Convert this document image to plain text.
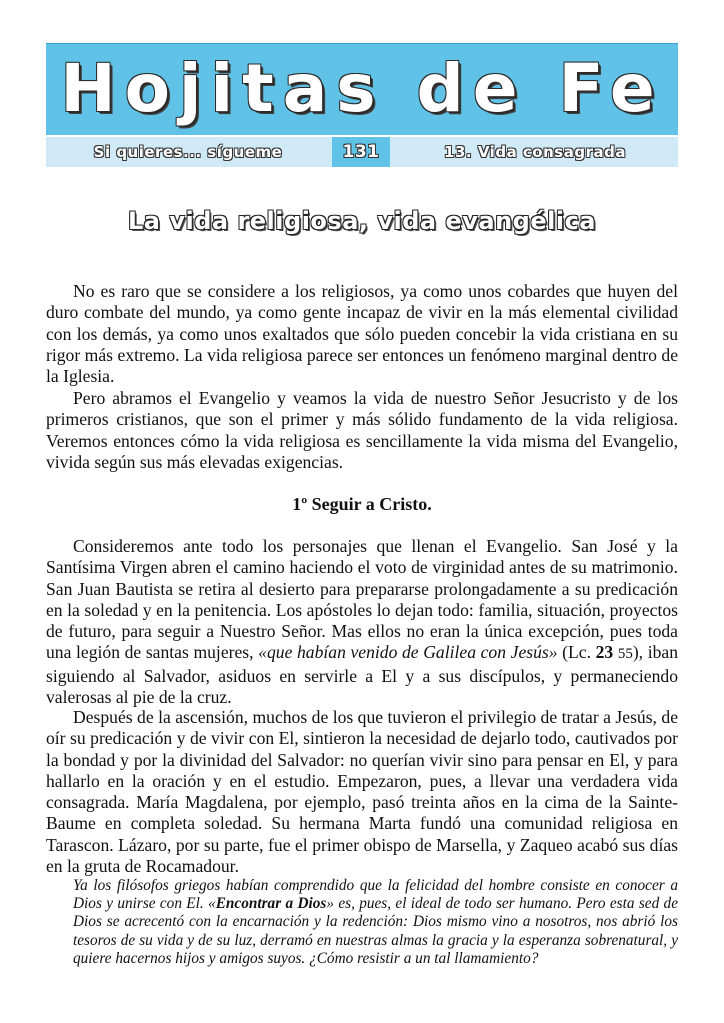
Hojitas de Fe
Si quieres... sígueme	131	13. Vida consagrada
La vida religiosa, vida evangélica

No es raro que se considere a los religiosos, ya como unos cobardes que huyen del duro combate del mundo, ya como gente incapaz de vivir en la más elemental civilidad con los demás, ya como unos exaltados que sólo pueden concebir la vida cristiana en su rigor más extremo. La vida religiosa parece ser entonces un fenómeno marginal dentro de la Iglesia.

Pero abramos el Evangelio y veamos la vida de nuestro Señor Jesucristo y de los primeros cristianos, que son el primer y más sólido fundamento de la vida religiosa. Veremos entonces cómo la vida religiosa es sencillamente la vida misma del Evangelio, vivida según sus más elevadas exigencias.

1º Seguir a Cristo.

Consideremos ante todo los personajes que llenan el Evangelio. San José y la Santísima Virgen abren el camino haciendo el voto de virginidad antes de su matrimonio. San Juan Bautista se retira al desierto para prepararse prolongadamente a su predicación en la soledad y en la penitencia. Los apóstoles lo dejan todo: familia, situación, proyectos de futuro, para seguir a Nuestro Señor. Mas ellos no eran la única excepción, pues toda una legión de santas mujeres, «que habían venido de Galilea con Jesús» (Lc. 23 55), iban siguiendo al Salvador, asiduos en servirle a El y a sus discípulos, y permaneciendo valerosas al pie de la cruz.

Después de la ascensión, muchos de los que tuvieron el privilegio de tratar a Jesús, de oír su predicación y de vivir con El, sintieron la necesidad de dejarlo todo, cautivados por la bondad y por la divinidad del Salvador: no querían vivir sino para pensar en El, y para hallarlo en la oración y en el estudio. Empezaron, pues, a llevar una verdadera vida consagrada. María Magdalena, por ejemplo, pasó treinta años en la cima de la Sainte-Baume en completa soledad. Su hermana Marta fundó una comunidad religiosa en Tarascon. Lázaro, por su parte, fue el primer obispo de Marsella, y Zaqueo acabó sus días en la gruta de Rocamadour.

Ya los filósofos griegos habían comprendido que la felicidad del hombre consiste en conocer a Dios y unirse con El. «Encontrar a Dios» es, pues, el ideal de todo ser humano. Pero esta sed de Dios se acrecentó con la encarnación y la redención: Dios mismo vino a nosotros, nos abrió los tesoros de su vida y de su luz, derramó en nuestras almas la gracia y la esperanza sobrenatural, y quiere hacernos hijos y amigos suyos. ¿Cómo resistir a un tal llamamiento?
